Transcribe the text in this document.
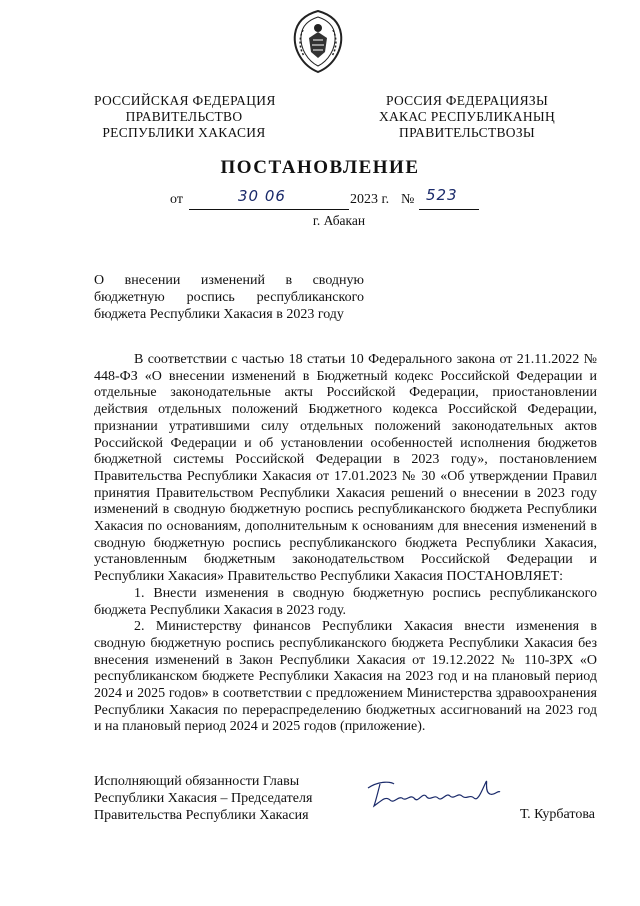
РОССИЙСКАЯ ФЕДЕРАЦИЯ
ПРАВИТЕЛЬСТВО
РЕСПУБЛИКИ ХАКАСИЯ
РОССИЯ ФЕДЕРАЦИЯЗЫ
ХАКАС РЕСПУБЛИКАНЫҢ
ПРАВИТЕЛЬСТВОЗЫ
ПОСТАНОВЛЕНИЕ
от	30 06	2023 г. № 523
г. Абакан
О внесении изменений в сводную
бюджетную роспись республиканского
бюджета Республики Хакасия в 2023 году

В соответствии с частью 18 статьи 10 Федерального закона от 21.11.2022 № 448-ФЗ «О внесении изменений в Бюджетный кодекс Российской Федерации и отдельные законодательные акты Российской Федерации, приостановлении действия отдельных положений Бюджетного кодекса Российской Федерации, признании утратившими силу отдельных положений законодательных актов Российской Федерации и об установлении особенностей исполнения бюджетов бюджетной системы Российской Федерации в 2023 году», постановлением Правительства Республики Хакасия от 17.01.2023 № 30 «Об утверждении Правил принятия Правительством Республики Хакасия решений о внесении в 2023 году изменений в сводную бюджетную роспись республиканского бюджета Республики Хакасия по основаниям, дополнительным к основаниям для внесения изменений в сводную бюджетную роспись республиканского бюджета Республики Хакасия, установленным бюджетным законодательством Российской Федерации и Республики Хакасия» Правительство Республики Хакасия ПОСТАНОВЛЯЕТ:

1. Внести изменения в сводную бюджетную роспись республиканского бюджета Республики Хакасия в 2023 году.

2. Министерству финансов Республики Хакасия внести изменения в сводную бюджетную роспись республиканского бюджета Республики Хакасия без внесения изменений в Закон Республики Хакасия от 19.12.2022 № 110-ЗРХ «О республиканском бюджете Республики Хакасия на 2023 год и на плановый период 2024 и 2025 годов» в соответствии с предложением Министерства здравоохранения Республики Хакасия по перераспределению бюджетных ассигнований на 2023 год и на плановый период 2024 и 2025 годов (приложение).

Исполняющий обязанности Главы
Республики Хакасия – Председателя
Правительства Республики Хакасия	Т. Курбатова
